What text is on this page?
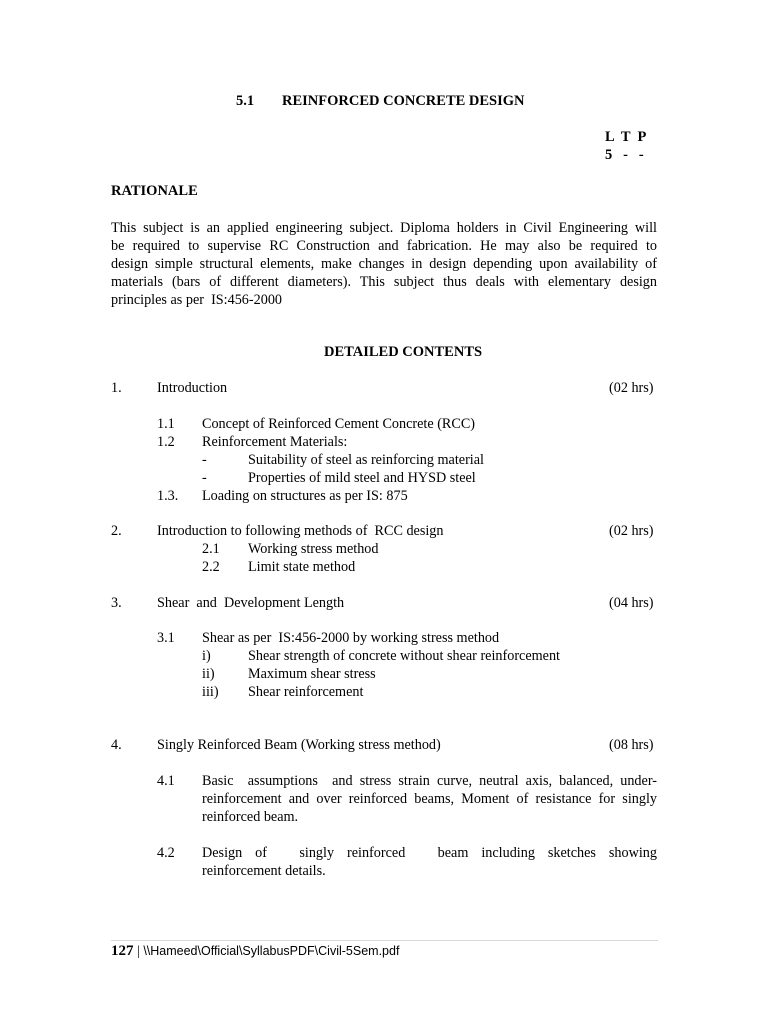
5.1 REINFORCED CONCRETE DESIGN
L  T  P
5   -   -
RATIONALE
This subject is an applied engineering subject. Diploma holders in Civil Engineering will
be required to supervise RC Construction and fabrication. He may also be required to
design simple structural elements, make changes in design depending upon availability of
materials (bars of different diameters). This subject thus deals with elementary design
principles as per  IS:456-2000
DETAILED CONTENTS
1. Introduction	(02 hrs)
1.1 Concept of Reinforced Cement Concrete (RCC)
1.2 Reinforcement Materials:
-	Suitability of steel as reinforcing material
-	Properties of mild steel and HYSD steel
1.3. Loading on structures as per IS: 875
2. Introduction to following methods of  RCC design	(02 hrs)
2.1 Working stress method
2.2 Limit state method
3. Shear  and  Development Length	(04 hrs)
3.1 Shear as per  IS:456-2000 by working stress method
i)	Shear strength of concrete without shear reinforcement
ii) Maximum shear stress
iii) Shear reinforcement
4. Singly Reinforced Beam (Working stress method)	(08 hrs)
4.1 Basic  assumptions  and stress strain curve, neutral axis, balanced, under-
reinforcement and over reinforced beams, Moment of resistance for singly
reinforced beam.
4.2 Design  of     singly  reinforced     beam  including  sketches  showing
reinforcement details.
127 | \\Hameed\Official\SyllabusPDF\Civil-5Sem.pdf
